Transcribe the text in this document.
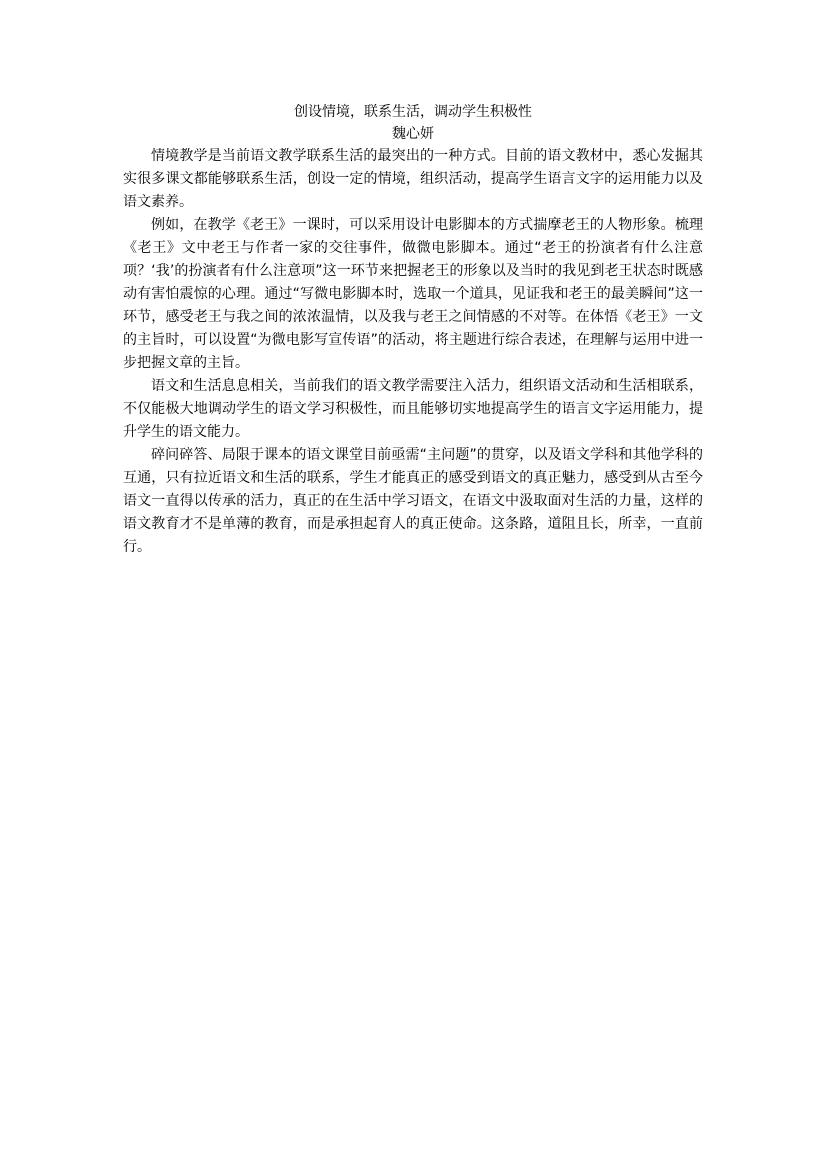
创设情境，联系生活，调动学生积极性
魏心妍

情境教学是当前语文教学联系生活的最突出的一种方式。目前的语文教材中，悉心发掘其实很多课文都能够联系生活，创设一定的情境，组织活动，提高学生语言文字的运用能力以及语文素养。

例如，在教学《老王》一课时，可以采用设计电影脚本的方式揣摩老王的人物形象。梳理《老王》文中老王与作者一家的交往事件，做微电影脚本。通过“老王的扮演者有什么注意项？‘我’的扮演者有什么注意项”这一环节来把握老王的形象以及当时的我见到老王状态时既感动有害怕震惊的心理。通过“写微电影脚本时，选取一个道具，见证我和老王的最美瞬间”这一环节，感受老王与我之间的浓浓温情，以及我与老王之间情感的不对等。在体悟《老王》一文的主旨时，可以设置“为微电影写宣传语”的活动，将主题进行综合表述，在理解与运用中进一步把握文章的主旨。

语文和生活息息相关，当前我们的语文教学需要注入活力，组织语文活动和生活相联系，不仅能极大地调动学生的语文学习积极性，而且能够切实地提高学生的语言文字运用能力，提升学生的语文能力。

碎问碎答、局限于课本的语文课堂目前亟需“主问题”的贯穿，以及语文学科和其他学科的互通，只有拉近语文和生活的联系，学生才能真正的感受到语文的真正魅力，感受到从古至今语文一直得以传承的活力，真正的在生活中学习语文，在语文中汲取面对生活的力量，这样的语文教育才不是单薄的教育，而是承担起育人的真正使命。这条路，道阻且长，所幸，一直前行。
